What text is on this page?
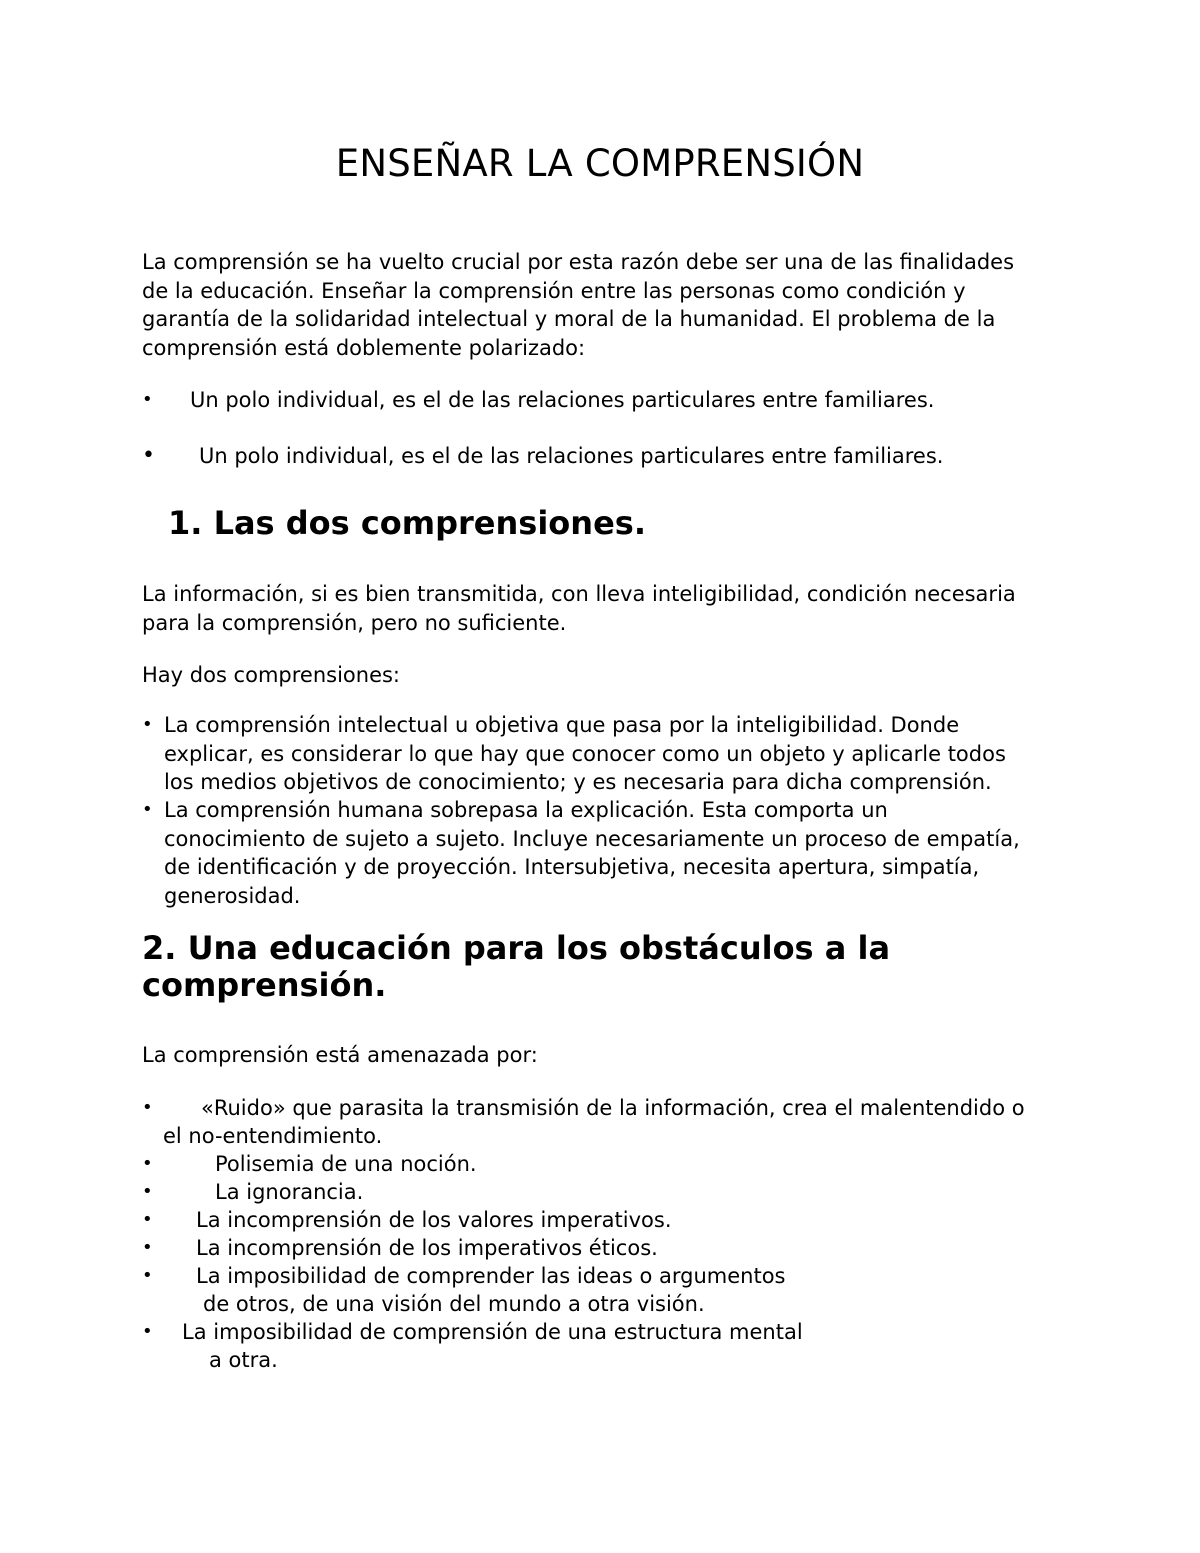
ENSEÑAR LA COMPRENSIÓN

La comprensión se ha vuelto crucial por esta razón debe ser una de las finalidades
de la educación. Enseñar la comprensión entre las personas como condición y
garantía de la solidaridad intelectual y moral de la humanidad. El problema de la
comprensión está doblemente polarizado:

• Un polo individual, es el de las relaciones particulares entre familiares.
• Un polo individual, es el de las relaciones particulares entre familiares.
1. Las dos comprensiones.

La información, si es bien transmitida, con lleva inteligibilidad, condición necesaria
para la comprensión, pero no suficiente.

Hay dos comprensiones:

• La comprensión intelectual u objetiva que pasa por la inteligibilidad. Donde
explicar, es considerar lo que hay que conocer como un objeto y aplicarle todos
los medios objetivos de conocimiento; y es necesaria para dicha comprensión.
• La comprensión humana sobrepasa la explicación. Esta comporta un
conocimiento de sujeto a sujeto. Incluye necesariamente un proceso de empatía,
de identificación y de proyección. Intersubjetiva, necesita apertura, simpatía,
generosidad.
2. Una educación para los obstáculos a la
comprensión.

La comprensión está amenazada por:

• «Ruido» que parasita la transmisión de la información, crea el malentendido o
el no-entendimiento.
•	Polisemia de una noción.
•	La ignorancia.
• La incomprensión de los valores imperativos.
• La incomprensión de los imperativos éticos.
• La imposibilidad de comprender las ideas o argumentos
de otros, de una visión del mundo a otra visión.
• La imposibilidad de comprensión de una estructura mental
a otra.
